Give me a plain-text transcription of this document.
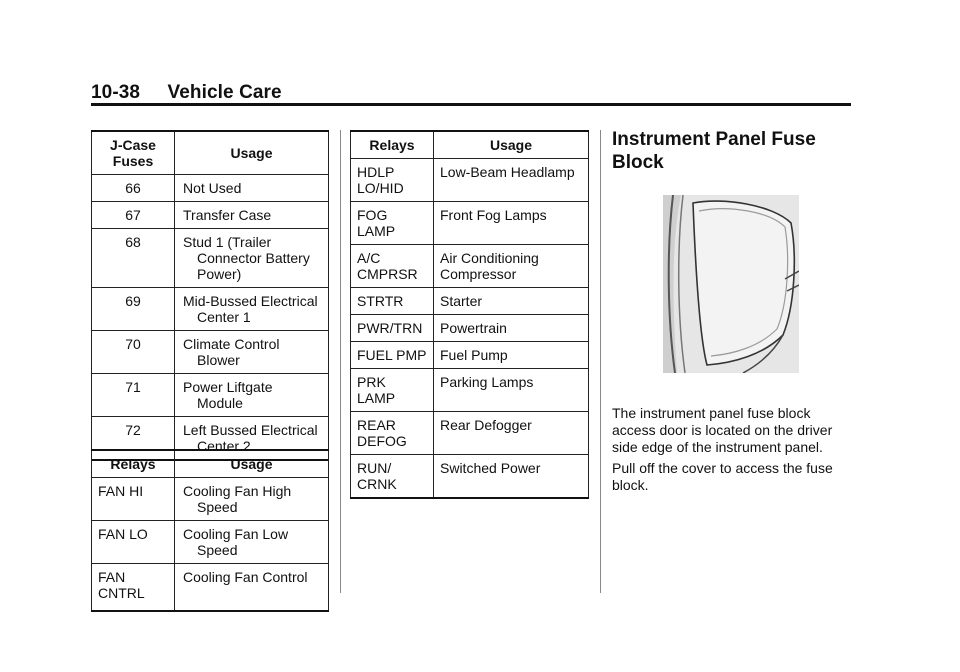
10-38 Vehicle Care
J-Case Fuses	Usage
66	Not Used

67	Transfer Case

68	Stud 1 (Trailer Connector Battery Power)

69	Mid-Bussed Electrical Center 1

70	Climate Control Blower

71	Power Liftgate Module

72	Left Bussed Electrical Center 2
Relays	Usage
FAN HI	Cooling Fan High Speed

FAN LO	Cooling Fan Low Speed

FAN CNTRL	Cooling Fan Control
Relays	Usage
HDLP LO/HID	Low-Beam Headlamp
FOG LAMP	Front Fog Lamps
A/C CMPRSR	Air Conditioning Compressor
STRTR	Starter
PWR/TRN	Powertrain
FUEL PMP	Fuel Pump
PRK LAMP	Parking Lamps
REAR DEFOG	Rear Defogger
RUN/ CRNK	Switched Power
Instrument Panel Fuse Block

The instrument panel fuse block access door is located on the driver side edge of the instrument panel.

Pull off the cover to access the fuse block.
